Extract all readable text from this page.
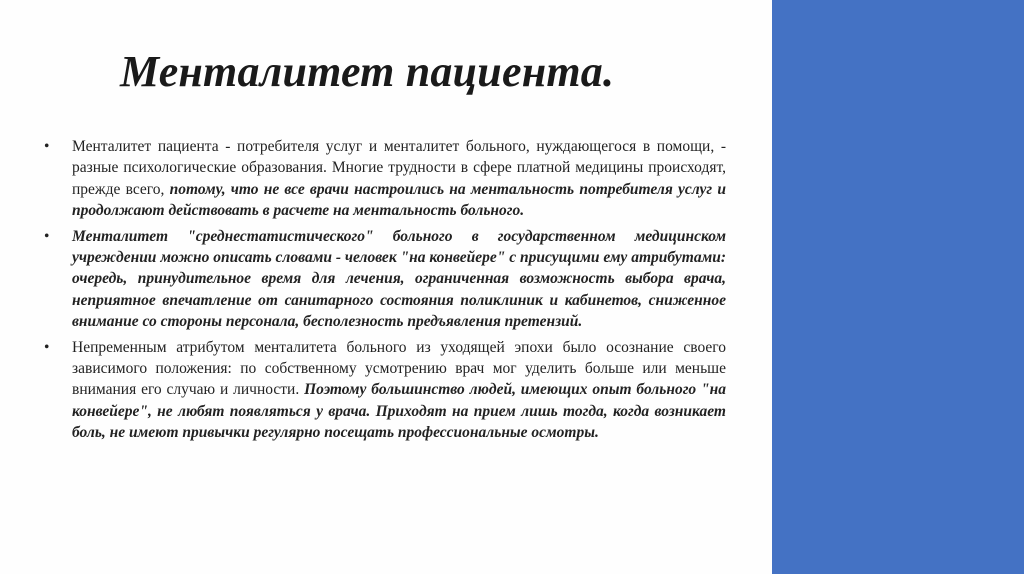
Менталитет пациента.
• Менталитет пациента - потребителя услуг и менталитет больного, нуждающегося в помощи, - разные психологические образования. Многие трудности в сфере платной медицины происходят, прежде всего, потому, что не все врачи настроились на ментальность потребителя услуг и продолжают действовать в расчете на ментальность больного.
• Менталитет "среднестатистического" больного в государственном медицинском учреждении можно описать словами - человек "на конвейере" с присущими ему атрибутами: очередь, принудительное время для лечения, ограниченная возможность выбора врача, неприятное впечатление от санитарного состояния поликлиник и кабинетов, сниженное внимание со стороны персонала, бесполезность предъявления претензий.
• Непременным атрибутом менталитета больного из уходящей эпохи было осознание своего зависимого положения: по собственному усмотрению врач мог уделить больше или меньше внимания его случаю и личности. Поэтому большинство людей, имеющих опыт больного "на конвейере", не любят появляться у врача. Приходят на прием лишь тогда, когда возникает боль, не имеют привычки регулярно посещать профессиональные осмотры.
